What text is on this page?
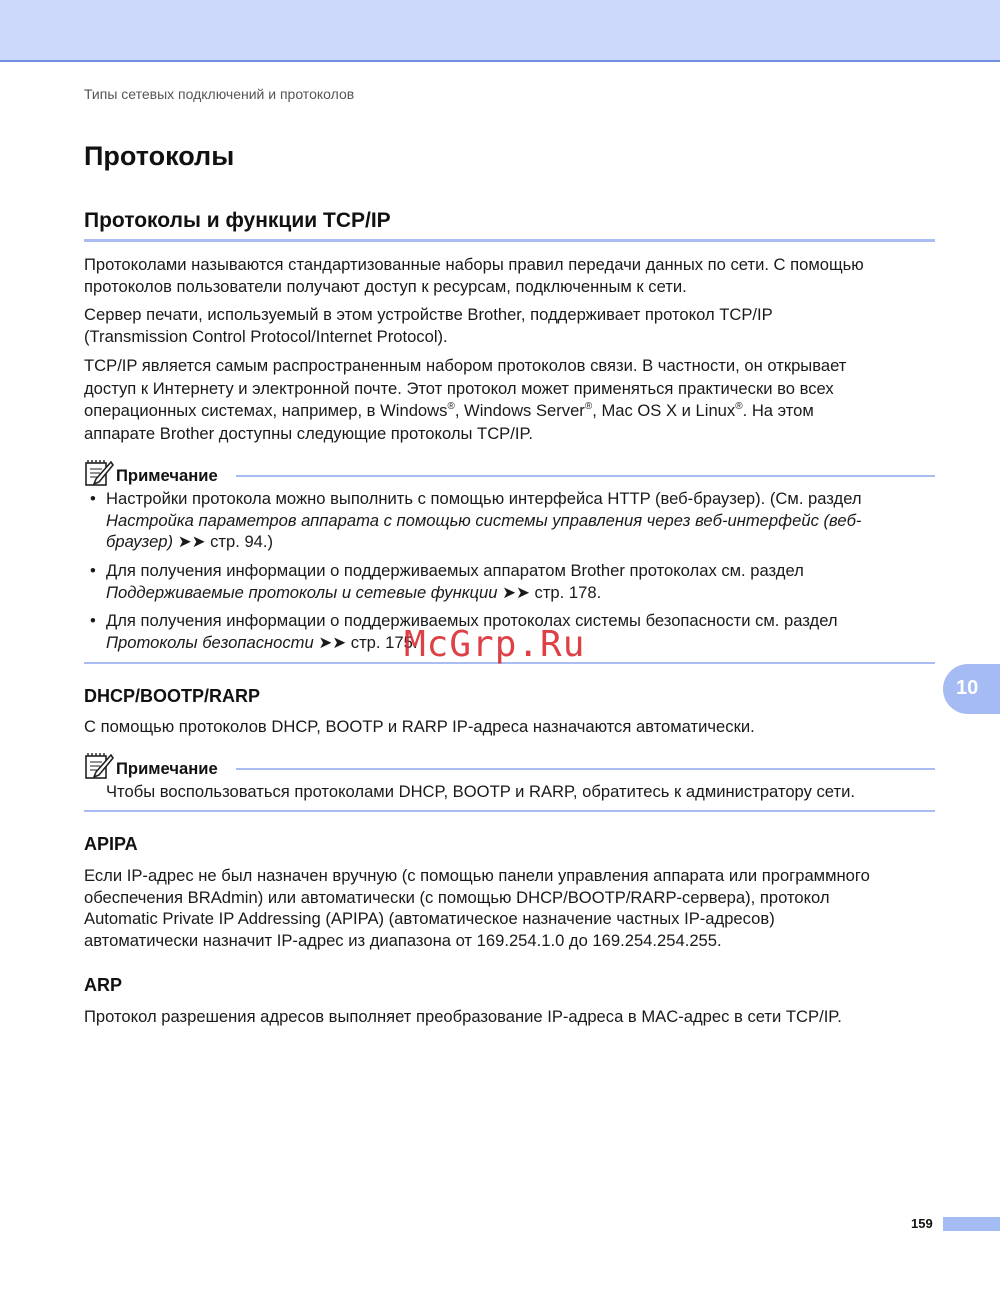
Типы сетевых подключений и протоколов
Протоколы
Протоколы и функции TCP/IP
Протоколами называются стандартизованные наборы правил передачи данных по сети. С помощью
протоколов пользователи получают доступ к ресурсам, подключенным к сети.
Сервер печати, используемый в этом устройстве Brother, поддерживает протокол TCP/IP
(Transmission Control Protocol/Internet Protocol).
TCP/IP является самым распространенным набором протоколов связи. В частности, он открывает
доступ к Интернету и электронной почте. Этот протокол может применяться практически во всех
операционных системах, например, в Windows®, Windows Server®, Mac OS X и Linux®. На этом
аппарате Brother доступны следующие протоколы TCP/IP.
Примечание
• Настройки протокола можно выполнить с помощью интерфейса HTTP (веб-браузер). (См. раздел
Настройка параметров аппарата с помощью системы управления через веб-интерфейс (веб-
браузер) ➤➤ стр. 94.)
• Для получения информации о поддерживаемых аппаратом Brother протоколах см. раздел
Поддерживаемые протоколы и сетевые функции ➤➤ стр. 178.
• Для получения информации о поддерживаемых протоколах системы безопасности см. раздел
Протоколы безопасности ➤➤ стр. 175.
DHCP/BOOTP/RARP
С помощью протоколов DHCP, BOOTP и RARP IP-адреса назначаются автоматически.
Примечание
Чтобы воспользоваться протоколами DHCP, BOOTP и RARP, обратитесь к администратору сети.
APIPA
Если IP-адрес не был назначен вручную (с помощью панели управления аппарата или программного
обеспечения BRAdmin) или автоматически (с помощью DHCP/BOOTP/RARP-сервера), протокол
Automatic Private IP Addressing (APIPA) (автоматическое назначение частных IP-адресов)
автоматически назначит IP-адрес из диапазона от 169.254.1.0 до 169.254.254.255.
ARP
Протокол разрешения адресов выполняет преобразование IP-адреса в MAC-адрес в сети TCP/IP.
10
McGrp.Ru
159
